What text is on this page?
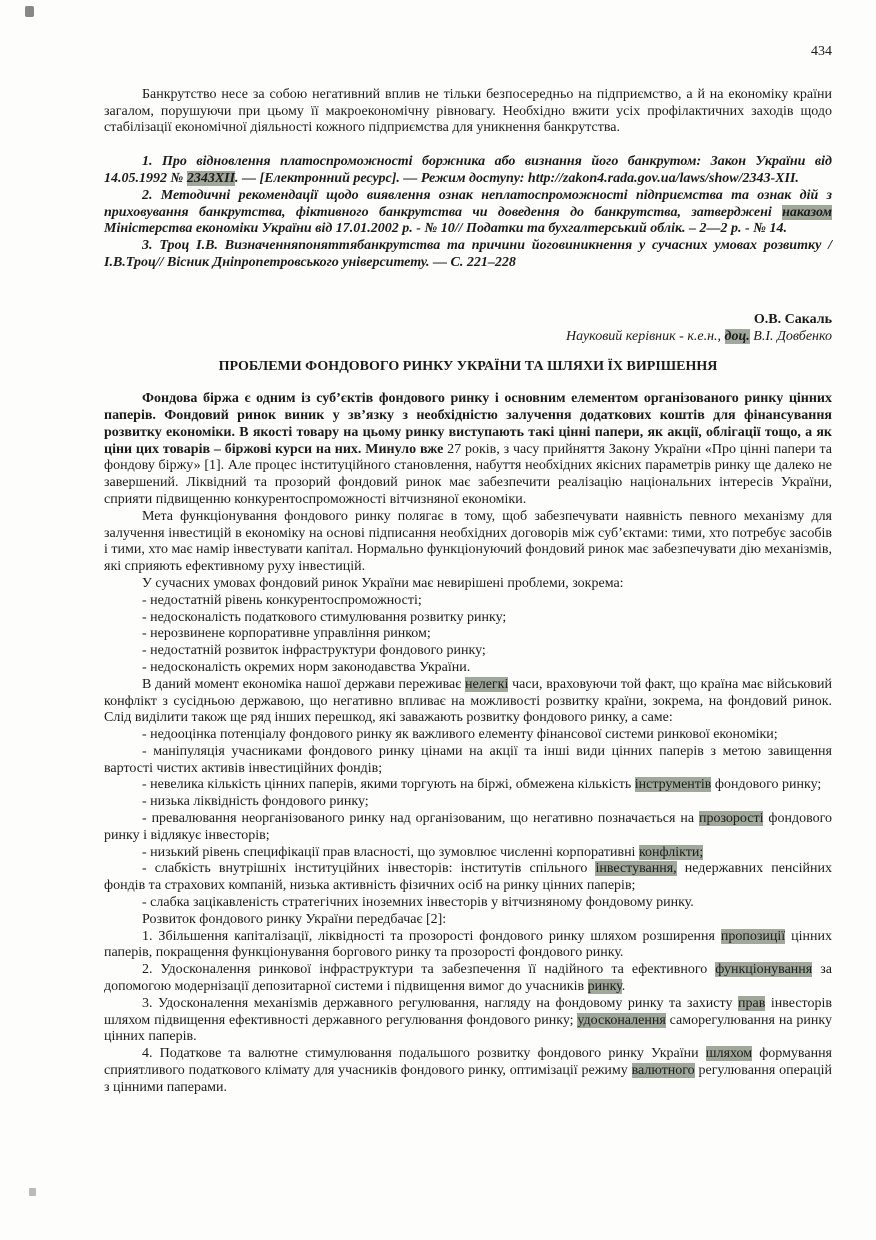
434

Банкрутство несе за собою негативний вплив не тільки безпосередньо на підприємство, а й на економіку країни загалом, порушуючи при цьому її макроекономічну рівновагу. Необхідно вжити усіх профілактичних заходів щодо стабілізації економічної діяльності кожного підприємства для уникнення банкрутства.

1. Про відновлення платоспроможності боржника або визнання його банкрутом: Закон України від 14.05.1992 № 2343XII. — [Електронний ресурс]. — Режим доступу: http://zakon4.rada.gov.ua/laws/show/2343-XII.

2. Методичні рекомендації щодо виявлення ознак неплатоспроможності підприємства та ознак дій з приховування банкрутства, фіктивного банкрутства чи доведення до банкрутства, затверджені наказом Міністерства економіки України від 17.01.2002 р. - № 10// Податки та бухгалтерський облік. – 2—2 р. - № 14.

3. Троц І.В. Визначенняпоняттябанкрутства та причини йоговиникнення у сучасних умовах розвитку / І.В.Троц// Вісник Дніпропетровського університету. — С. 221–228

О.В. Сакаль

Науковий керівник - к.е.н., доц. В.І. Довбенко

ПРОБЛЕМИ ФОНДОВОГО РИНКУ УКРАЇНИ ТА ШЛЯХИ ЇХ ВИРІШЕННЯ

Фондова біржа є одним із суб’єктів фондового ринку і основним елементом організованого ринку цінних паперів. Фондовий ринок виник у зв’язку з необхідністю залучення додаткових коштів для фінансування розвитку економіки. В якості товару на цьому ринку виступають такі цінні папери, як акції, облігації тощо, а як ціни цих товарів – біржові курси на них. Минуло вже 27 років, з часу прийняття Закону України «Про цінні папери та фондову біржу» [1]. Але процес інституційного становлення, набуття необхідних якісних параметрів ринку ще далеко не завершений. Ліквідний та прозорий фондовий ринок має забезпечити реалізацію національних інтересів України, сприяти підвищенню конкурентоспроможності вітчизняної економіки.

Мета функціонування фондового ринку полягає в тому, щоб забезпечувати наявність певного механізму для залучення інвестицій в економіку на основі підписання необхідних договорів між суб’єктами: тими, хто потребує засобів і тими, хто має намір інвестувати капітал. Нормально функціонуючий фондовий ринок має забезпечувати дію механізмів, які сприяють ефективному руху інвестицій.

У сучасних умовах фондовий ринок України має невирішені проблеми, зокрема:

- недостатній рівень конкурентоспроможності;

- недосконалість податкового стимулювання розвитку ринку;

- нерозвинене корпоративне управління ринком;

- недостатній розвиток інфраструктури фондового ринку;

- недосконалість окремих норм законодавства України.

В даний момент економіка нашої держави переживає нелегкі часи, враховуючи той факт, що країна має військовий конфлікт з сусідньою державою, що негативно впливає на можливості розвитку країни, зокрема, на фондовий ринок. Слід виділити також ще ряд інших перешкод, які заважають розвитку фондового ринку, а саме:

- недооцінка потенціалу фондового ринку як важливого елементу фінансової системи ринкової економіки;

- маніпуляція учасниками фондового ринку цінами на акції та інші види цінних паперів з метою завищення вартості чистих активів інвестиційних фондів;

- невелика кількість цінних паперів, якими торгують на біржі, обмежена кількість інструментів фондового ринку;

- низька ліквідність фондового ринку;

- превалювання неорганізованого ринку над організованим, що негативно позначається на прозорості фондового ринку і відлякує інвесторів;

- низький рівень специфікації прав власності, що зумовлює численні корпоративні конфлікти;

- слабкість внутрішніх інституційних інвесторів: інститутів спільного інвестування, недержавних пенсійних фондів та страхових компаній, низька активність фізичних осіб на ринку цінних паперів;

- слабка зацікавленість стратегічних іноземних інвесторів у вітчизняному фондовому ринку.

Розвиток фондового ринку України передбачає [2]:

1. Збільшення капіталізації, ліквідності та прозорості фондового ринку шляхом розширення пропозиції цінних паперів, покращення функціонування боргового ринку та прозорості фондового ринку.

2. Удосконалення ринкової інфраструктури та забезпечення її надійного та ефективного функціонування за допомогою модернізації депозитарної системи і підвищення вимог до учасників ринку.

3. Удосконалення механізмів державного регулювання, нагляду на фондовому ринку та захисту прав інвесторів шляхом підвищення ефективності державного регулювання фондового ринку; удосконалення саморегулювання на ринку цінних паперів.

4. Податкове та валютне стимулювання подальшого розвитку фондового ринку України шляхом формування сприятливого податкового клімату для учасників фондового ринку, оптимізації режиму валютного регулювання операцій з цінними паперами.
